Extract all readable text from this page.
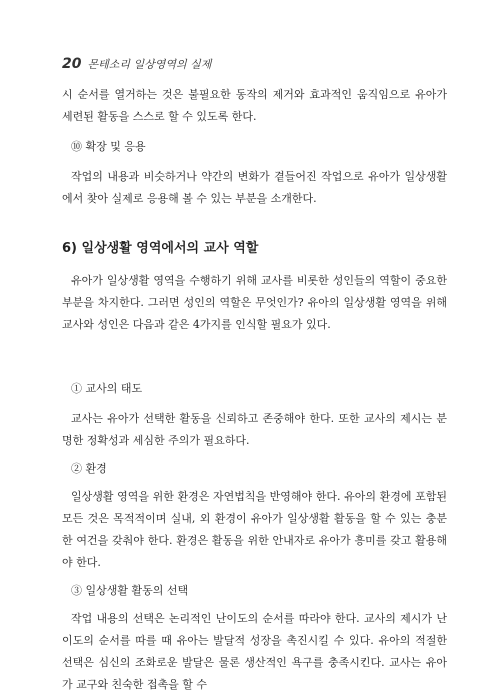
20 몬테소리 일상영역의 실제

시 순서를 열거하는 것은 불필요한 동작의 제거와 효과적인 움직임으로 유아가 세련된 활동을 스스로 할 수 있도록 한다.

⑩ 확장 및 응용

작업의 내용과 비슷하거나 약간의 변화가 곁들어진 작업으로 유아가 일상생활에서 찾아 실제로 응용해 볼 수 있는 부분을 소개한다.

6) 일상생활 영역에서의 교사 역할

유아가 일상생활 영역을 수행하기 위해 교사를 비롯한 성인들의 역할이 중요한 부분을 차지한다. 그러면 성인의 역할은 무엇인가? 유아의 일상생활 영역을 위해 교사와 성인은 다음과 같은 4가지를 인식할 필요가 있다.

① 교사의 태도

교사는 유아가 선택한 활동을 신뢰하고 존중해야 한다. 또한 교사의 제시는 분명한 정확성과 세심한 주의가 필요하다.

② 환경

일상생활 영역을 위한 환경은 자연법칙을 반영해야 한다. 유아의 환경에 포함된 모든 것은 목적적이며 실내, 외 환경이 유아가 일상생활 활동을 할 수 있는 충분한 여건을 갖춰야 한다. 환경은 활동을 위한 안내자로 유아가 흥미를 갖고 활용해야 한다.

③ 일상생활 활동의 선택

작업 내용의 선택은 논리적인 난이도의 순서를 따라야 한다. 교사의 제시가 난이도의 순서를 따를 때 유아는 발달적 성장을 촉진시킬 수 있다. 유아의 적절한 선택은 심신의 조화로운 발달은 물론 생산적인 욕구를 충족시킨다. 교사는 유아가 교구와 친숙한 접촉을 할 수
